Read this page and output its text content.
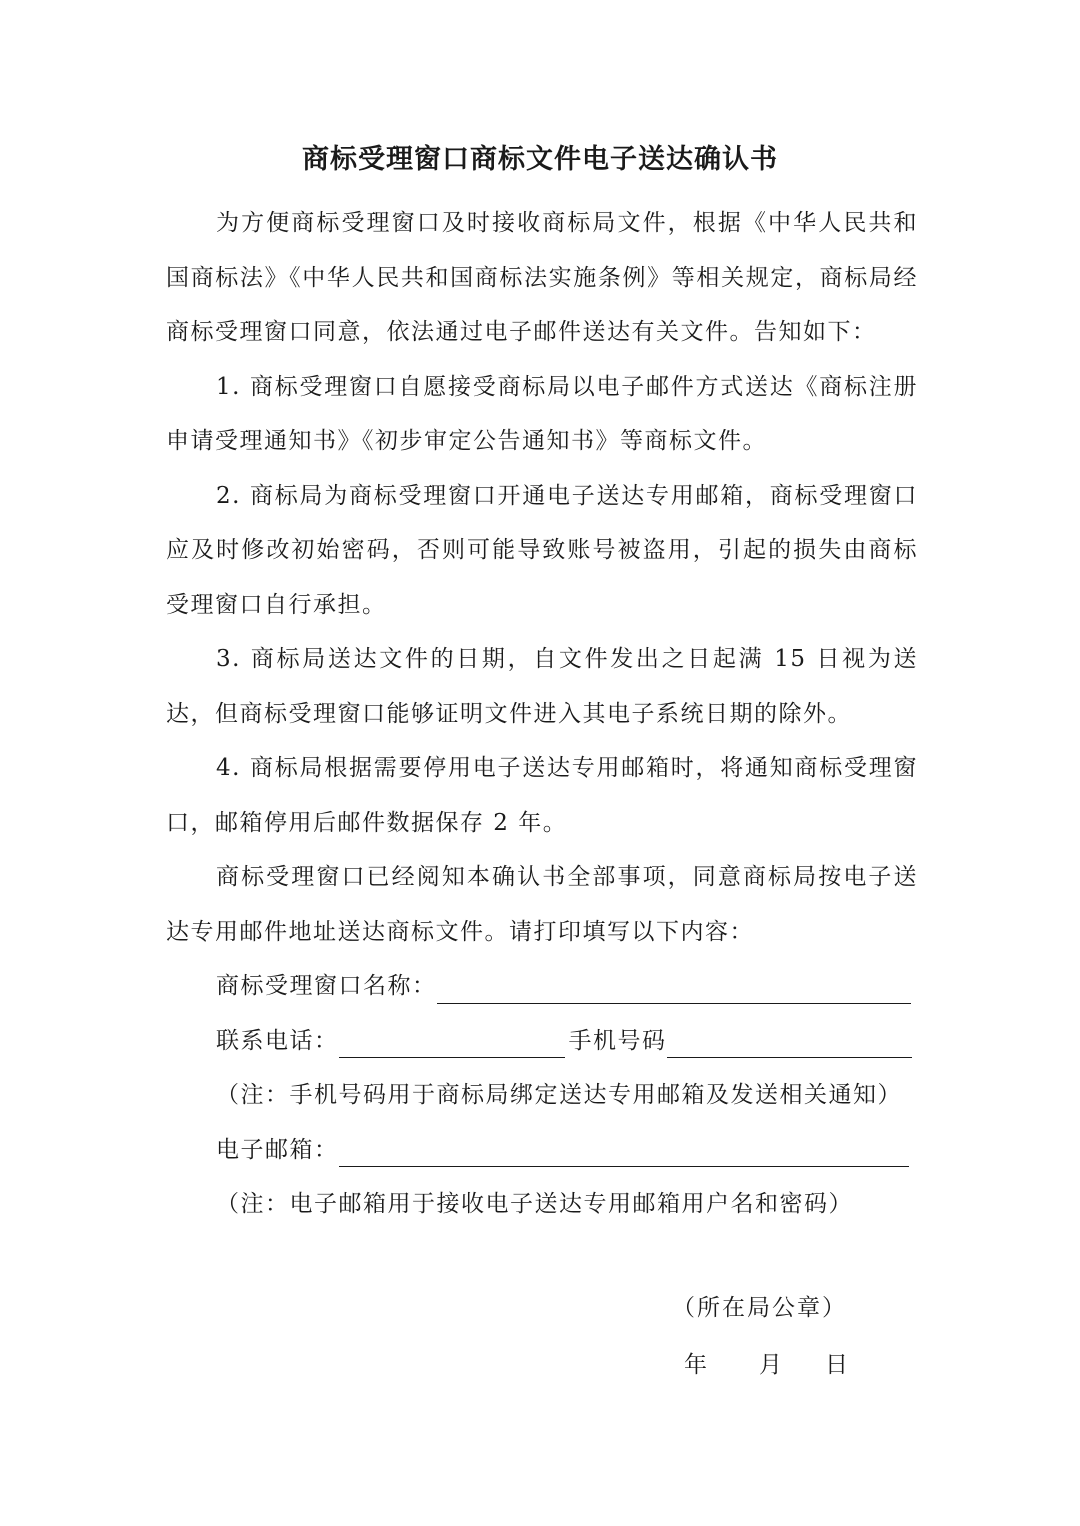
商标受理窗口商标文件电子送达确认书

为方便商标受理窗口及时接收商标局文件，根据《中华人民共和国商标法》《中华人民共和国商标法实施条例》等相关规定，商标局经商标受理窗口同意，依法通过电子邮件送达有关文件。告知如下：

1. 商标受理窗口自愿接受商标局以电子邮件方式送达《商标注册申请受理通知书》《初步审定公告通知书》等商标文件。

2. 商标局为商标受理窗口开通电子送达专用邮箱，商标受理窗口应及时修改初始密码，否则可能导致账号被盗用，引起的损失由商标受理窗口自行承担。

3. 商标局送达文件的日期，自文件发出之日起满 15 日视为送达，但商标受理窗口能够证明文件进入其电子系统日期的除外。

4. 商标局根据需要停用电子送达专用邮箱时，将通知商标受理窗口，邮箱停用后邮件数据保存 2 年。

商标受理窗口已经阅知本确认书全部事项，同意商标局按电子送达专用邮件地址送达商标文件。请打印填写以下内容：

商标受理窗口名称：
联系电话：	手机号码
（注：手机号码用于商标局绑定送达专用邮箱及发送相关通知）
电子邮箱：
（注：电子邮箱用于接收电子送达专用邮箱用户名和密码）
（所在局公章）
年 月 日
